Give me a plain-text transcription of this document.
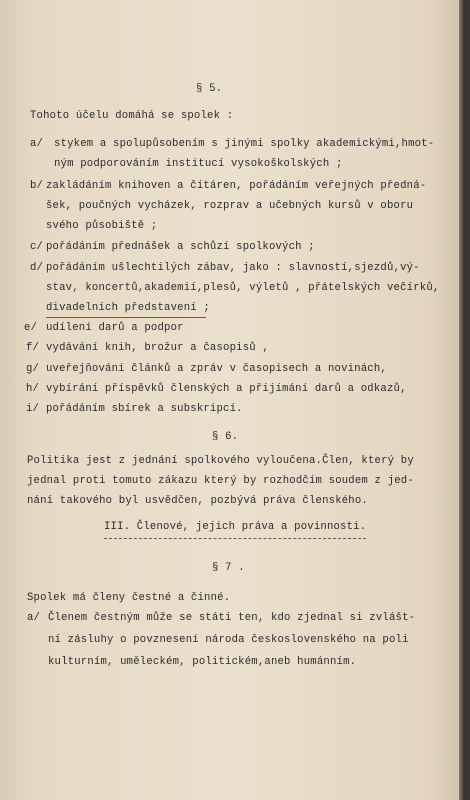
§ 5.
Tohoto účelu domáhá se spolek :
a/ stykem a spolupůsobením s jinými spolky akademickými,hmot-
ným podporováním institucí vysokoškolských ;
b/ zakládáním knihoven a čítáren, pořádáním veřejných předná-
šek, poučných vycházek, rozprav a učebných kursů v oboru
svého působiště ;
c/ pořádáním přednášek a schůzí spolkových ;
d/ pořádáním ušlechtilých zábav, jako : slavností,sjezdů,vý-
stav, koncertů,akademií,plesů, výletů , přátelských večírků,
divadelních představení ;
e/ udílení darů a podpor
f/ vydávání knih, brožur a časopisů ,
g/ uveřejňování článků a zpráv v časopisech a novinách,
h/ vybírání příspěvků členských a přijímání darů a odkazů,
i/ pořádáním sbírek a subskripcí.
§ 6.
Politika jest z jednání spolkového vyloučena.Člen, který by
jednal proti tomuto zákazu který by rozhodčím soudem z jed-
nání takového byl usvědčen, pozbývá práva členského.
III. Členové, jejich práva a povinnosti.
§ 7 .
Spolek má členy čestné a činné.
a/ Členem čestným může se státi ten, kdo zjednal si zvlášt-
ní zásluhy o povznesení národa československého na poli
kulturním, uměleckém, politickém,aneb humánním.
